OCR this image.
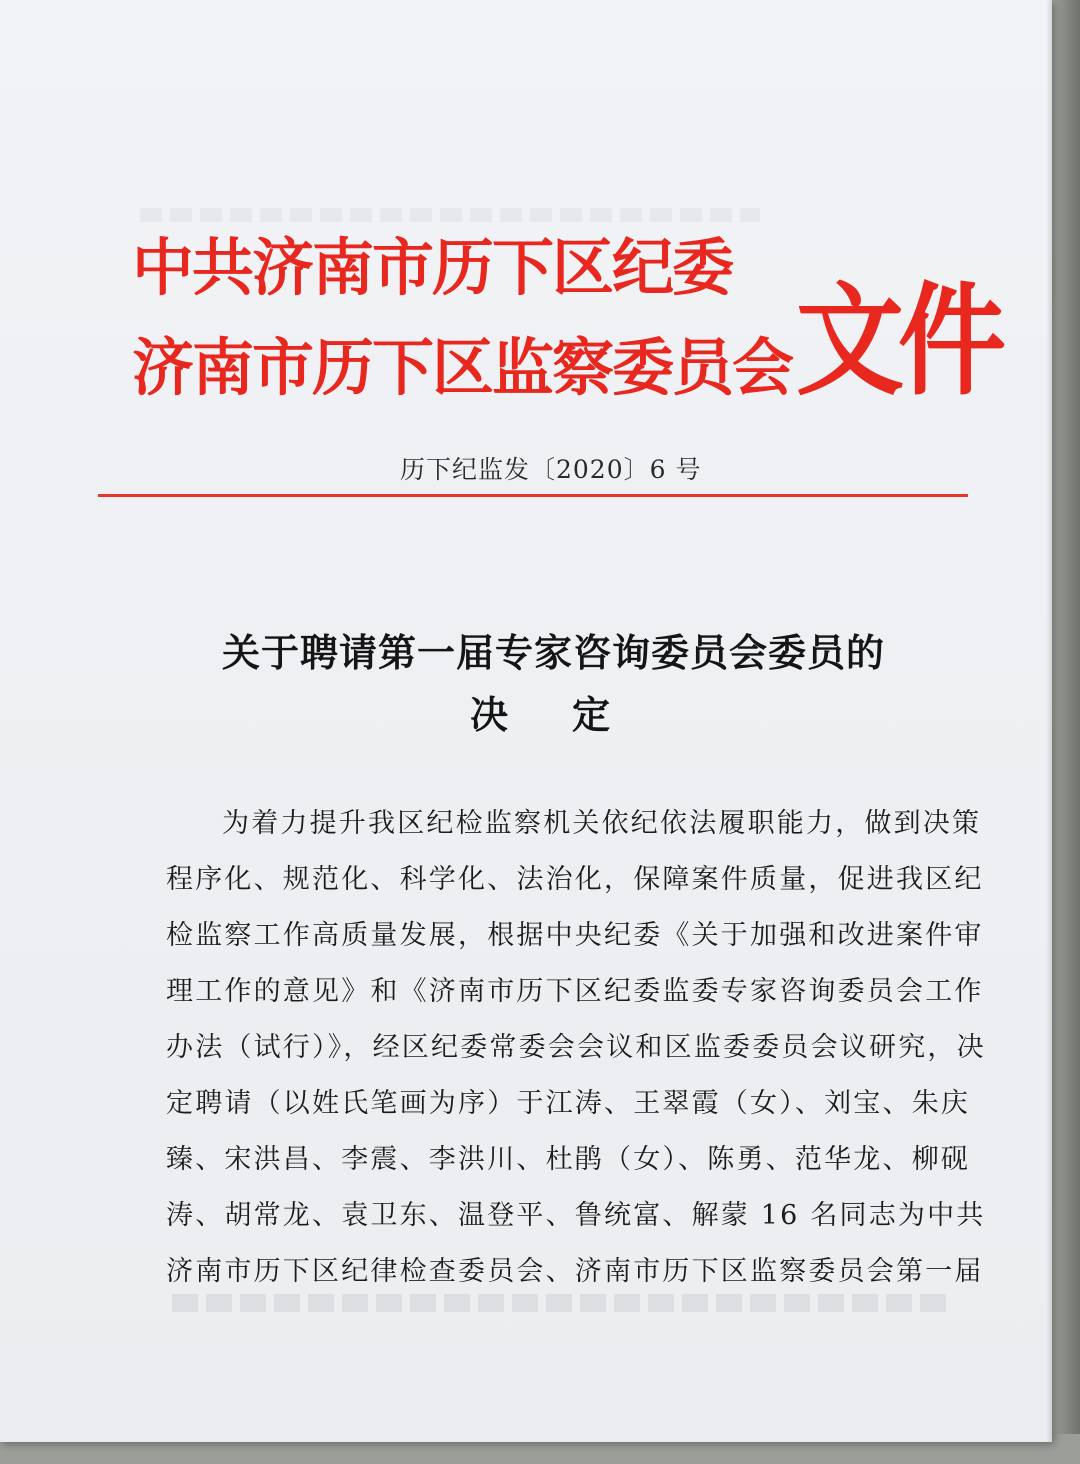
中共济南市历下区纪委
济南市历下区监察委员会 文件
历下纪监发〔2020〕6 号
关于聘请第一届专家咨询委员会委员的
决定
为着力提升我区纪检监察机关依纪依法履职能力，做到决策
程序化、规范化、科学化、法治化，保障案件质量，促进我区纪
检监察工作高质量发展，根据中央纪委《关于加强和改进案件审
理工作的意见》和《济南市历下区纪委监委专家咨询委员会工作
办法（试行）》，经区纪委常委会会议和区监委委员会议研究，决
定聘请（以姓氏笔画为序）于江涛、王翠霞（女）、刘宝、朱庆
臻、宋洪昌、李震、李洪川、杜鹃（女）、陈勇、范华龙、柳砚
涛、胡常龙、袁卫东、温登平、鲁统富、解蒙 16 名同志为中共
济南市历下区纪律检查委员会、济南市历下区监察委员会第一届
